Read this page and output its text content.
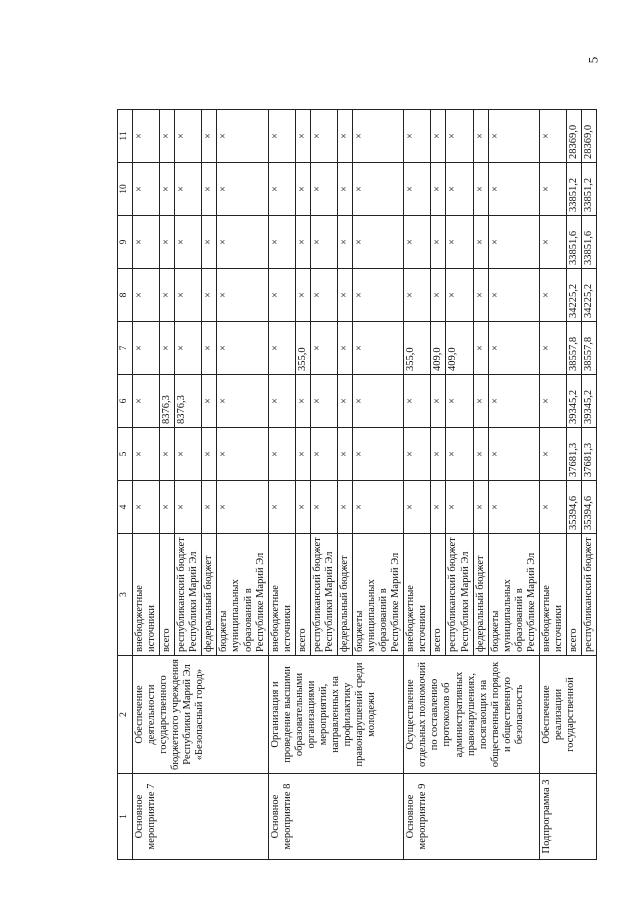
5
1	2	3	4	5	6	7	8	9	10	11
Основное мероприятие 7	Обеспечение деятельности государственного бюджетного учреждения Республики Марий Эл «Безопасный город»	внебюджетные источники	×	×	×	×	×	×	×	×
		всего	×	×	8376,3	×	×	×	×	×
		республиканский бюджет Республики Марий Эл	×	×	8376,3	×	×	×	×	×
		федеральный бюджет	×	×	×	×	×	×	×	×
		бюджеты муниципальных образований в Республике Марий Эл	×	×	×	×	×	×	×	×
Основное мероприятие 8	Организация и проведение высшими образовательными организациями мероприятий, направленных на профилактику правонарушений среди молодежи	внебюджетные источники	×	×	×	×	×	×	×	×
		всего	×	×	×	355,0	×	×	×	×
		республиканский бюджет Республики Марий Эл	×	×	×	×	×	×	×	×
		федеральный бюджет	×	×	×	×	×	×	×	×
		бюджеты муниципальных образований в Республике Марий Эл	×	×	×	×	×	×	×	×
Основное мероприятие 9	Осуществление отдельных полномочий по составлению протоколов об административных правонарушениях, посягающих на общественный порядок и общественную безопасность	внебюджетные источники	×	×	×	355,0	×	×	×	×
		всего	×	×	×	409,0	×	×	×	×
		республиканский бюджет Республики Марий Эл	×	×	×	409,0	×	×	×	×
		федеральный бюджет	×	×	×	×	×	×	×	×
		бюджеты муниципальных образований в Республике Марий Эл	×	×	×	×	×	×	×	×
Подпрограмма 3	Обеспечение реализации государственной	внебюджетные источники	×	×	×	×	×	×	×	×
		всего	35394,6	37681,3	39345,2	38557,8	34225,2	33851,6	33851,2	28369,0
		республиканский бюджет	35394,6	37681,3	39345,2	38557,8	34225,2	33851,6	33851,2	28369,0
